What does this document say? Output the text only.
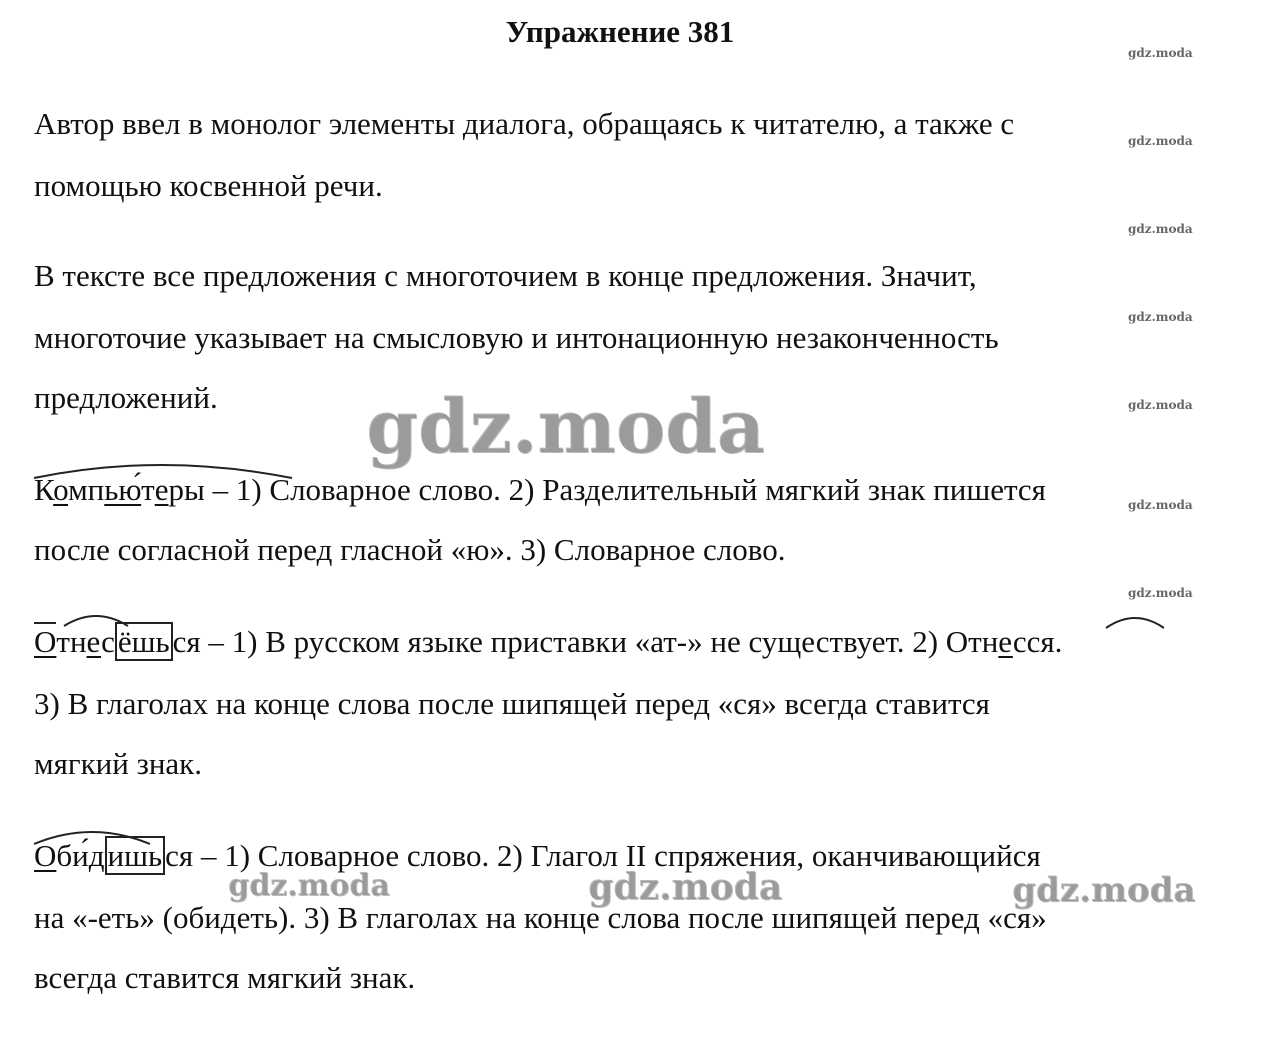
Упражнение 381
gdz.moda
gdz.moda
gdz.moda
gdz.moda
gdz.moda
gdz.moda
gdz.moda
Автор ввел в монолог элементы диалога, обращаясь к читателю, а также с
помощью косвенной речи.
В тексте все предложения с многоточием в конце предложения. Значит,
многоточие указывает на смысловую и интонационную незаконченность
предложений. gdz.moda
Компью́теры – 1) Словарное слово. 2) Разделительный мягкий знак пишется
после согласной перед гласной «ю». 3) Словарное слово.
Отнесёшься – 1) В русском языке приставки «ат-» не существует. 2) Отнесся.
3) В глаголах на конце слова после шипящей перед «ся» всегда ставится
мягкий знак.
Оби́дишься – 1) Словарное слово. 2) Глагол II спряжения, оканчивающийся
на «-еть» (обидеть). 3) В глаголах на конце слова после шипящей перед «ся»
всегда ставится мягкий знак.
gdz.moda	gdz.moda	gdz.moda
